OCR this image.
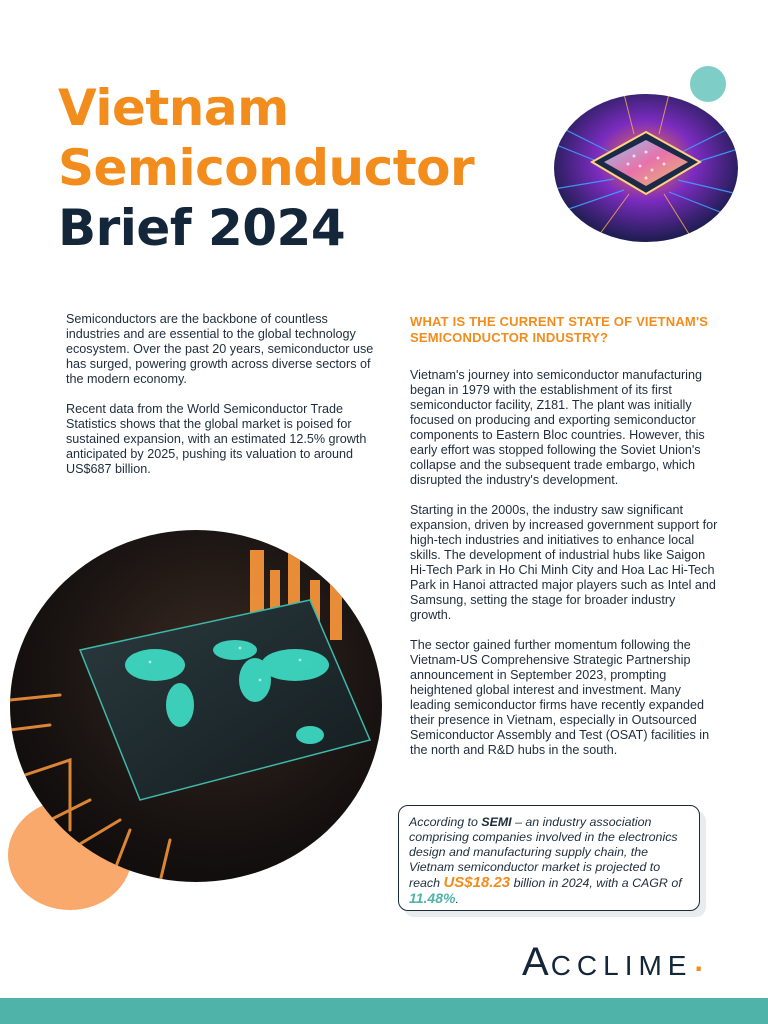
Vietnam
Semiconductor
Brief 2024

Semiconductors are the backbone of countless industries and are essential to the global technology ecosystem. Over the past 20 years, semiconductor use has surged, powering growth across diverse sectors of the modern economy.

Recent data from the World Semiconductor Trade Statistics shows that the global market is poised for sustained expansion, with an estimated 12.5% growth anticipated by 2025, pushing its valuation to around US$687 billion.

WHAT IS THE CURRENT STATE OF VIETNAM'S SEMICONDUCTOR INDUSTRY?

Vietnam's journey into semiconductor manufacturing began in 1979 with the establishment of its first semiconductor facility, Z181. The plant was initially focused on producing and exporting semiconductor components to Eastern Bloc countries. However, this early effort was stopped following the Soviet Union's collapse and the subsequent trade embargo, which disrupted the industry's development.

Starting in the 2000s, the industry saw significant expansion, driven by increased government support for high-tech industries and initiatives to enhance local skills. The development of industrial hubs like Saigon Hi-Tech Park in Ho Chi Minh City and Hoa Lac Hi-Tech Park in Hanoi attracted major players such as Intel and Samsung, setting the stage for broader industry growth.

The sector gained further momentum following the Vietnam-US Comprehensive Strategic Partnership announcement in September 2023, prompting heightened global interest and investment. Many leading semiconductor firms have recently expanded their presence in Vietnam, especially in Outsourced Semiconductor Assembly and Test (OSAT) facilities in the north and R&D hubs in the south.

According to SEMI – an industry association comprising companies involved in the electronics design and manufacturing supply chain, the Vietnam semiconductor market is projected to reach US$18.23 billion in 2024, with a CAGR of 11.48%.
ACCLIME .
